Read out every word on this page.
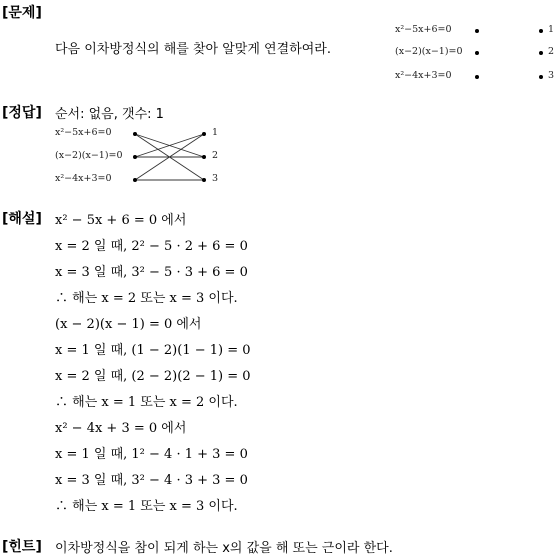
[문제]
다음 이차방정식의 해를 찾아 알맞게 연결하여라.
x²−5x+6=0
(x−2)(x−1)=0
x²−4x+3=0
1
2
3
[정답] 순서: 없음, 갯수: 1
x²−5x+6=0
(x−2)(x−1)=0
x²−4x+3=0
1
2
3
[해설] x² − 5x + 6 = 0 에서
x = 2 일 때, 2² − 5 · 2 + 6 = 0
x = 3 일 때, 3² − 5 · 3 + 6 = 0
∴ 해는 x = 2 또는 x = 3 이다.
(x − 2)(x − 1) = 0 에서
x = 1 일 때, (1 − 2)(1 − 1) = 0
x = 2 일 때, (2 − 2)(2 − 1) = 0
∴ 해는 x = 1 또는 x = 2 이다.
x² − 4x + 3 = 0 에서
x = 1 일 때, 1² − 4 · 1 + 3 = 0
x = 3 일 때, 3² − 4 · 3 + 3 = 0
∴ 해는 x = 1 또는 x = 3 이다.
[힌트] 이차방정식을 참이 되게 하는 x의 값을 해 또는 근이라 한다.
